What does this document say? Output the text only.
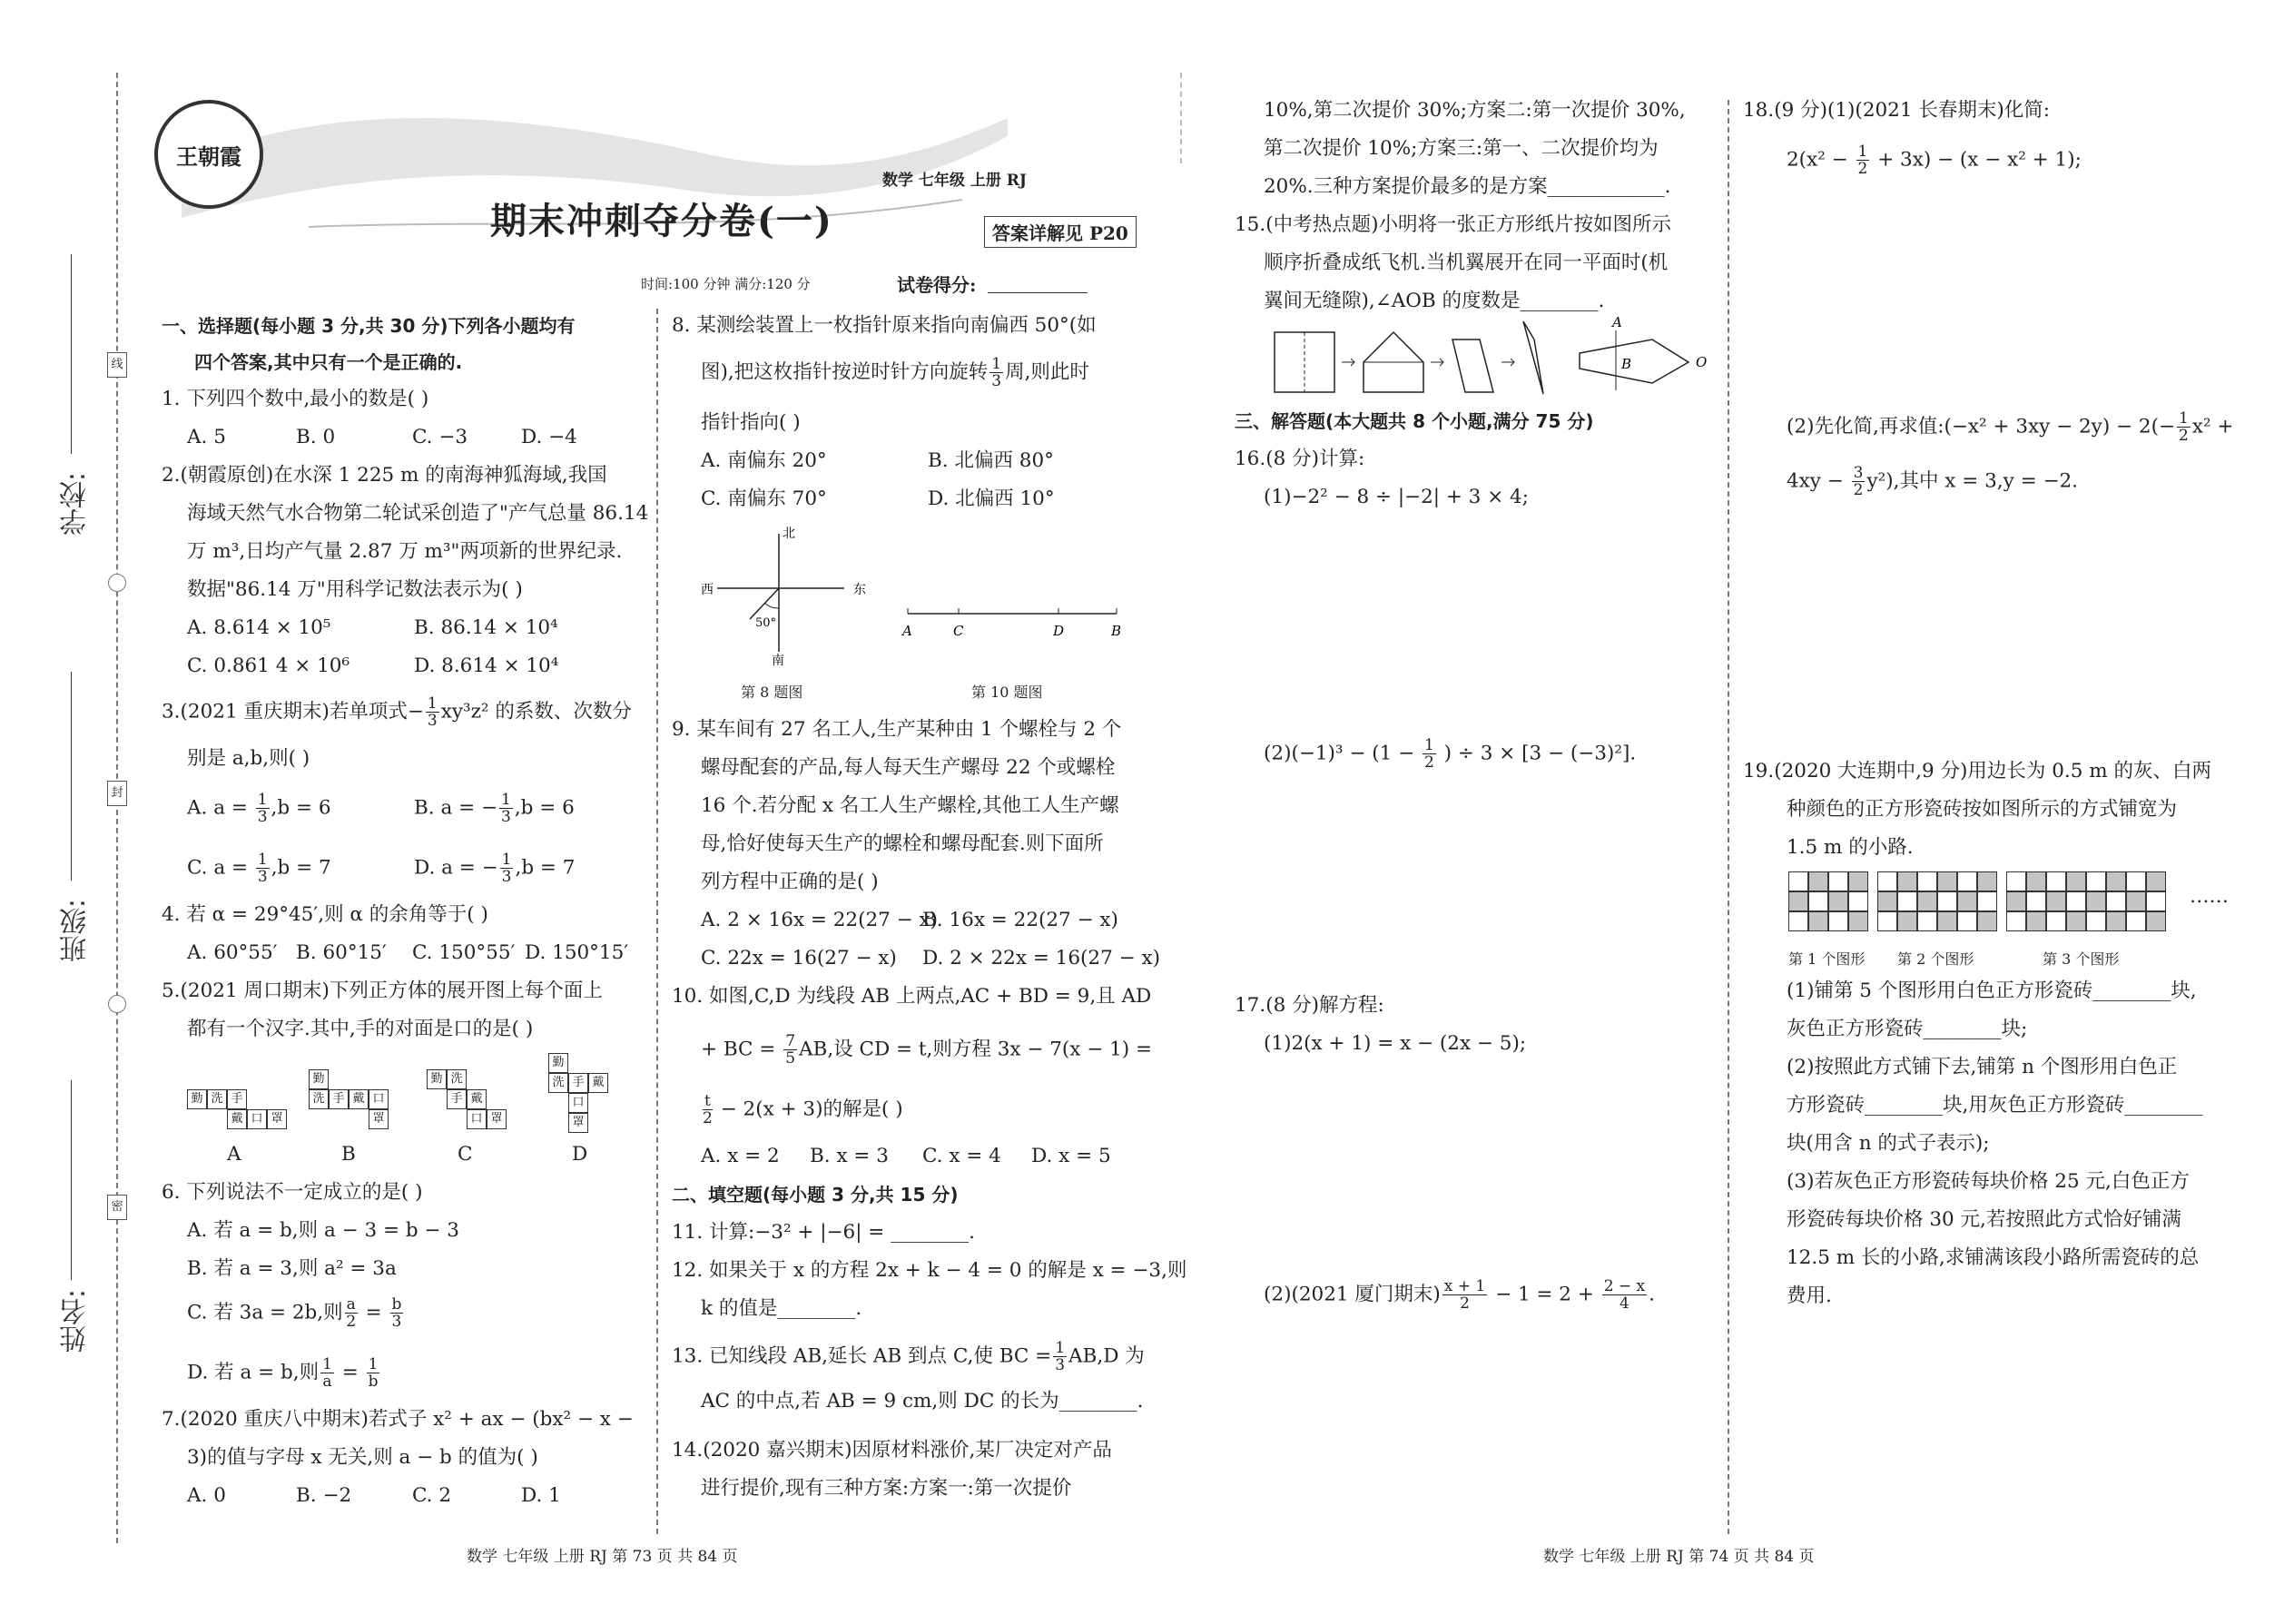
学校:
班级:
姓名:
线
封
密
王朝霞
期末冲刺夺分卷(一)
数学 七年级 上册 RJ
答案详解见 P20
时间:100 分钟 满分:120 分	试卷得分:
一、选择题(每小题 3 分,共 30 分)下列各小题均有
四个答案,其中只有一个是正确的.
1. 下列四个数中,最小的数是( )
A. 5	B. 0	C. −3	D. −4
2.(朝霞原创)在水深 1 225 m 的南海神狐海域,我国
海域天然气水合物第二轮试采创造了"产气总量 86.14
万 m³,日均产气量 2.87 万 m³"两项新的世界纪录.
数据"86.14 万"用科学记数法表示为( )
A. 8.614 × 10⁵	B. 86.14 × 10⁴
C. 0.861 4 × 10⁶	D. 8.614 × 10⁴
3.(2021 重庆期末)若单项式− $\frac{1}{3} xy^3z^2$ 的系数、次数分
别是 a,b,则( )
A. $a = \frac{1}{3} ,b = 6$	B. a = − $\frac{1}{3} ,b = 6$
C. $a = \frac{1}{3} ,b = 7$	D. a = − $\frac{1}{3} ,b = 7$
4. 若 α = 29°45′,则 α 的余角等于( )
A. 60°55′ B. 60°15′ C. 150°55′ D. 150°15′
5.(2021 周口期末)下列正方体的展开图上每个面上
都有一个汉字.其中,手的对面是口的是( )
勤 洗 手
戴 口 罩
勤
洗 手 戴 口
罩
勤 洗
手 戴
口 罩
勤
洗 手
口
戴
罩
A	B	C	D
6. 下列说法不一定成立的是( )
A. 若 a = b,则 a − 3 = b − 3
B. 若 a = 3,则 a² = 3a
C. 若 3a = 2b,则 $\frac{a}{2} = \frac{b}{3}$
D. 若 a = b,则 $\frac{1}{a} = \frac{1}{b}$
7.(2020 重庆八中期末)若式子 x² + ax − (bx² − x −
3)的值与字母 x 无关,则 a − b 的值为( )
A. 0	B. −2	C. 2	D. 1
8. 某测绘装置上一枚指针原来指向南偏西 50°(如
图),把这枚指针按逆时针方向旋转 $\frac{1}{3}$ 周,则此时
指针指向( )
A. 南偏东 20°	B. 北偏西 80°
C. 南偏东 70°	D. 北偏西 10°
北
南
西	东
50°	A	C	D	B
第 8 题图	第 10 题图
9. 某车间有 27 名工人,生产某种由 1 个螺栓与 2 个
螺母配套的产品,每人每天生产螺母 22 个或螺栓
16 个.若分配 x 名工人生产螺栓,其他工人生产螺
母,恰好使每天生产的螺栓和螺母配套.则下面所
列方程中正确的是( )
A. 2 × 16x = 22(27 − x)
B. 16x = 22(27 − x)
C. 22x = 16(27 − x) D. 2 × 22x = 16(27 − x)
10. 如图,C,D 为线段 AB 上两点,AC + BD = 9,且 AD
+ BC = $\frac{7}{5}$ AB,设 CD = t,则方程 3x − 7(x − 1) =
$\frac{t}{2} - 2(x + 3)$的解是( )
A. x = 2 B. x = 3 C. x = 4 D. x = 5
二、填空题(每小题 3 分,共 15 分)
11. 计算:−3² + |−6| = ________.
12. 如果关于 x 的方程 2x + k − 4 = 0 的解是 x = −3,则
k 的值是________.
13. 已知线段 AB,延长 AB 到点 C,使 BC = $\frac{1}{3} AB,D$ 为
AC 的中点,若 AB = 9 cm,则 DC 的长为________.
14.(2020 嘉兴期末)因原材料涨价,某厂决定对产品
进行提价,现有三种方案:方案一:第一次提价
10%,第二次提价 30%;方案二:第一次提价 30%,
第二次提价 10%;方案三:第一、二次提价均为
20%.三种方案提价最多的是方案____________.
15.(中考热点题)小明将一张正方形纸片按如图所示
顺序折叠成纸飞机.当机翼展开在同一平面时(机
翼间无缝隙),∠AOB 的度数是________.
A
B	O
三、解答题(本大题共 8 个小题,满分 75 分)
16.(8 分)计算:
(1)−2² − 8 ÷ |−2| + 3 × 4;
$(2)(-1)^3 - (1 - \frac{1}{2}$ ) ÷ 3 × [3 − (−3)²].
17.(8 分)解方程:
(1)2(x + 1) = x − (2x − 5);
(2)(2021 厦门期末) $\frac{x + 1}{2} - 1 = 2 + \frac{2 - x}{4}$ .
18.(9 分)(1)(2021 长春期末)化简:
$2(x^2 - \frac{1}{2} + 3x) - (x - x^2 + 1)$;
(2)先化简,再求值:(−x² + $3xy - 2y) - 2(- \frac{1}{2} x^2$ +
$4xy - \frac{3}{2} y^2$),其中 x = 3,y = −2.
19.(2020 大连期中,9 分)用边长为 0.5 m 的灰、白两
种颜色的正方形瓷砖按如图所示的方式铺宽为
1.5 m 的小路.
……
第 1 个图形 第 2 个图形	第 3 个图形
(1)铺第 5 个图形用白色正方形瓷砖________块,
灰色正方形瓷砖________块;
(2)按照此方式铺下去,铺第 n 个图形用白色正
方形瓷砖________块,用灰色正方形瓷砖________
块(用含 n 的式子表示);
(3)若灰色正方形瓷砖每块价格 25 元,白色正方
形瓷砖每块价格 30 元,若按照此方式恰好铺满
12.5 m 长的小路,求铺满该段小路所需瓷砖的总
费用.
数学 七年级 上册 RJ 第 73 页 共 84 页	数学 七年级 上册 RJ 第 74 页 共 84 页
